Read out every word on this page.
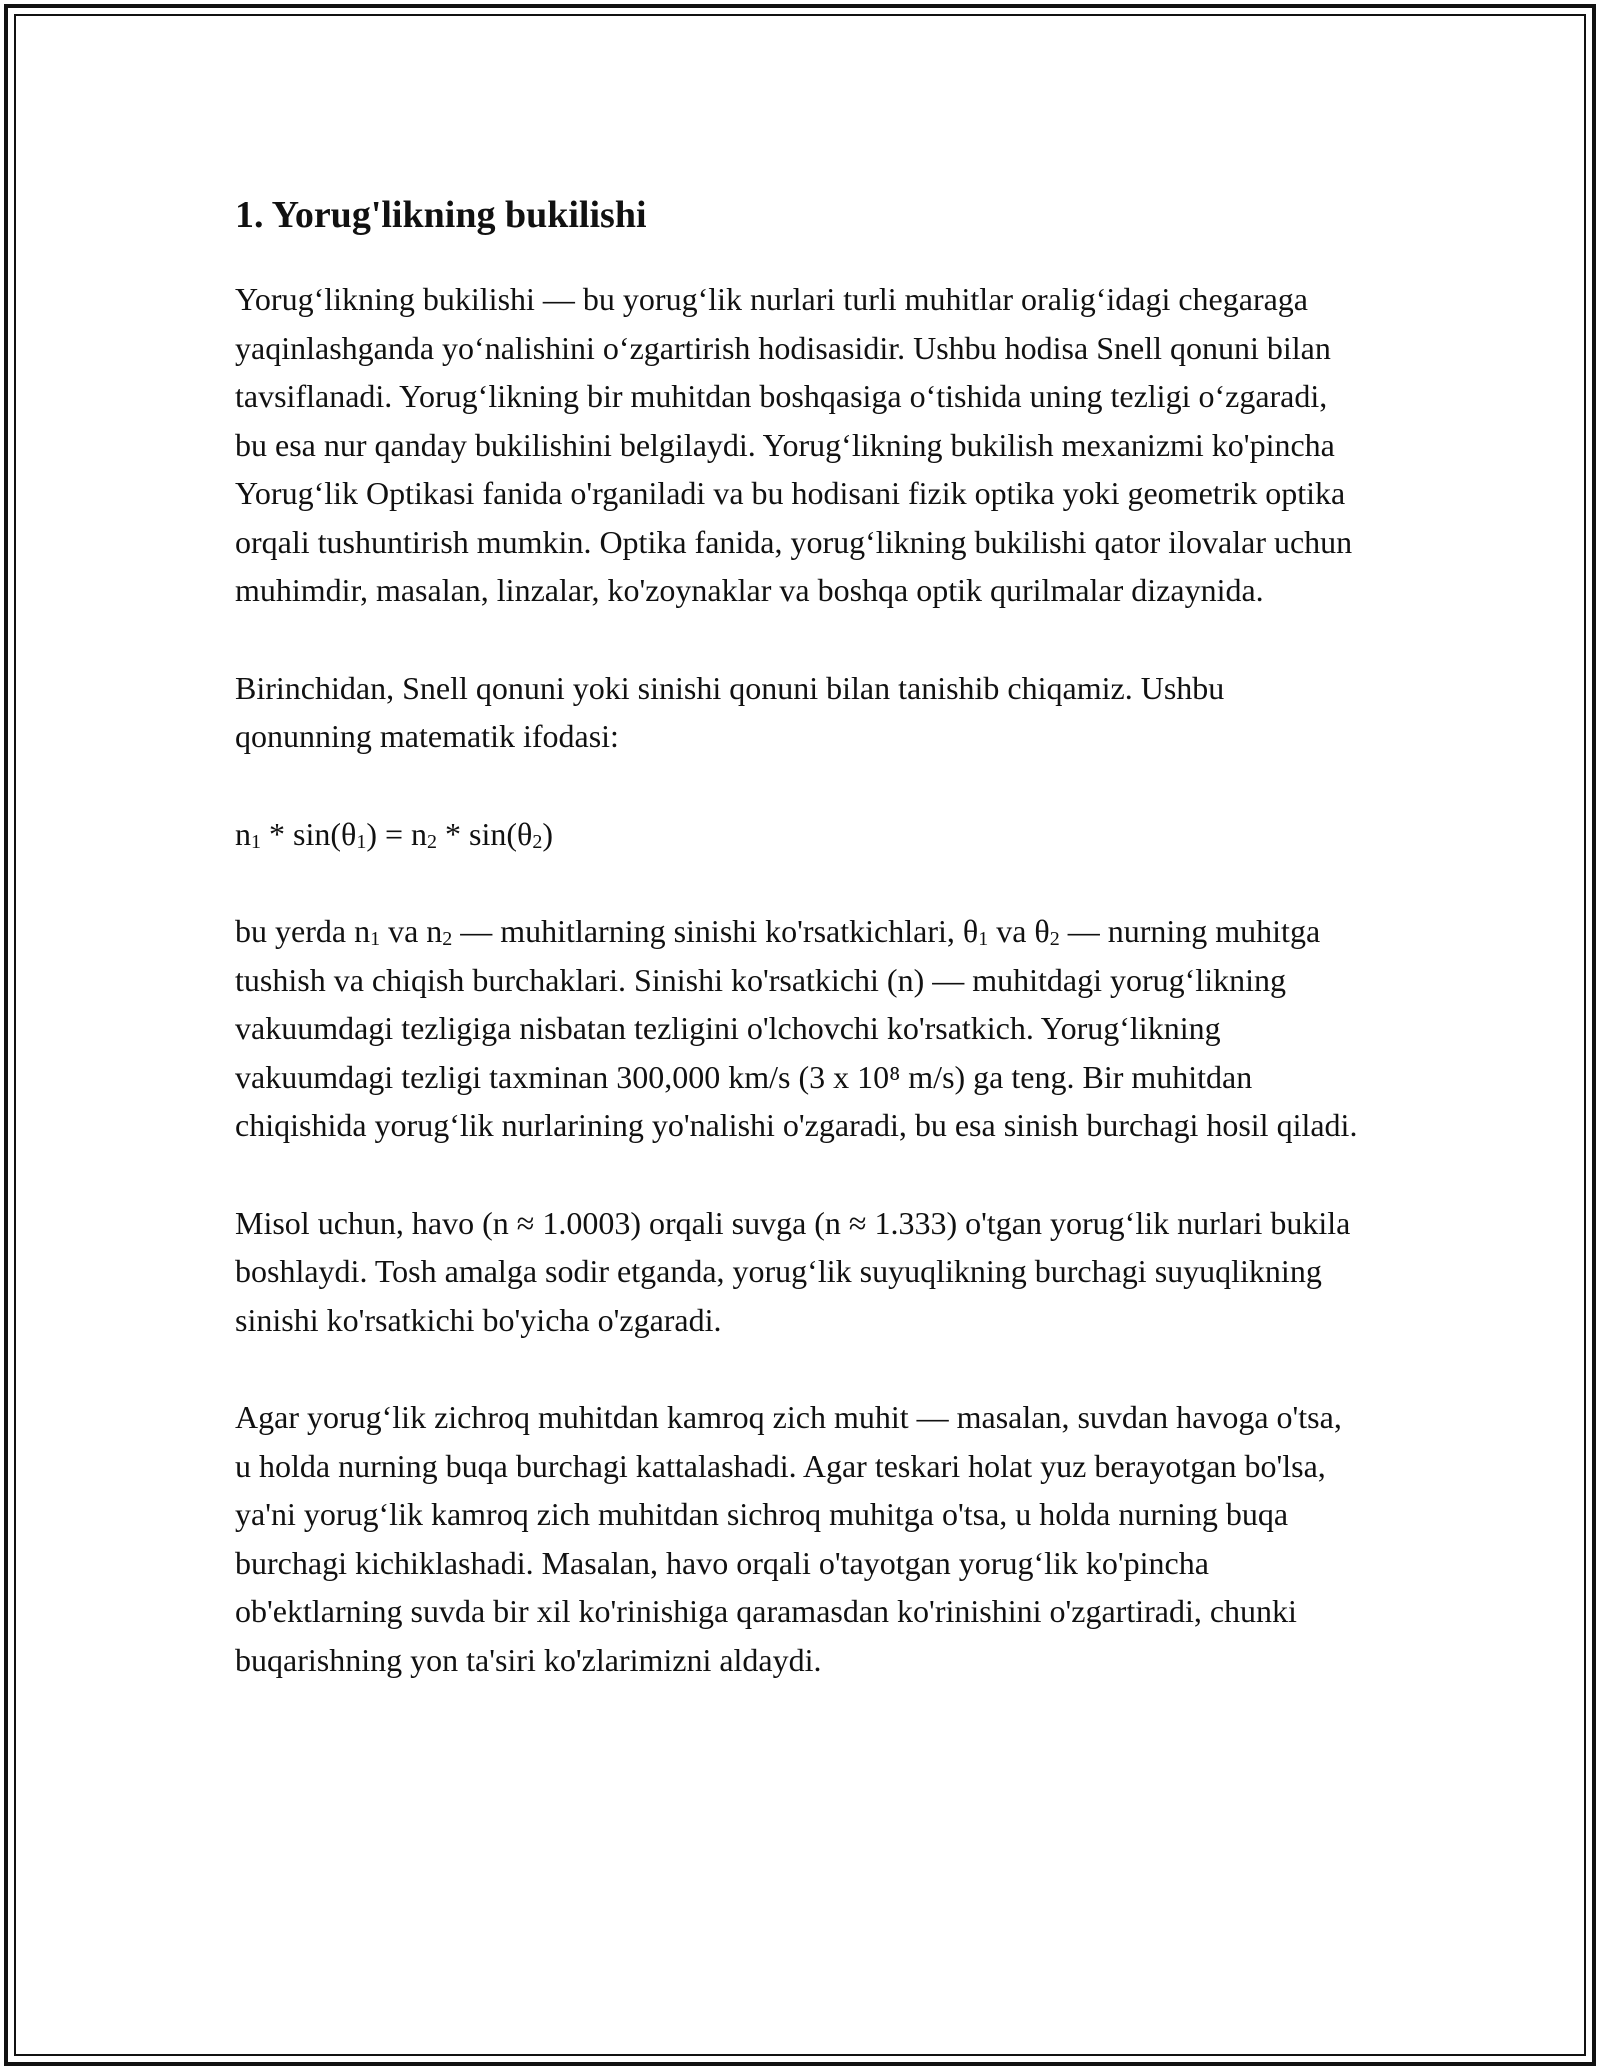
1. Yorug'likning bukilishi

Yorug‘likning bukilishi — bu yorug‘lik nurlari turli muhitlar oralig‘idagi chegaraga yaqinlashganda yo‘nalishini o‘zgartirish hodisasidir. Ushbu hodisa Snell qonuni bilan tavsiflanadi. Yorug‘likning bir muhitdan boshqasiga o‘tishida uning tezligi o‘zgaradi, bu esa nur qanday bukilishini belgilaydi. Yorug‘likning bukilish mexanizmi ko'pincha Yorug‘lik Optikasi fanida o'rganiladi va bu hodisani fizik optika yoki geometrik optika orqali tushuntirish mumkin. Optika fanida, yorug‘likning bukilishi qator ilovalar uchun muhimdir, masalan, linzalar, ko'zoynaklar va boshqa optik qurilmalar dizaynida.

Birinchidan, Snell qonuni yoki sinishi qonuni bilan tanishib chiqamiz. Ushbu qonunning matematik ifodasi:

$n_1 * \sin(\theta_1) = n_2 * \sin(\theta_2)$

bu yerda $n_1$ va $n_2$ — muhitlarning sinishi ko'rsatkichlari, $\theta_1$ va $\theta_2$ — nurning muhitga tushish va chiqish burchaklari. Sinishi ko'rsatkichi (n) — muhitdagi yorug‘likning vakuumdagi tezligiga nisbatan tezligini o'lchovchi ko'rsatkich. Yorug‘likning vakuumdagi tezligi taxminan 300,000 km/s (3 x 10⁸ m/s) ga teng. Bir muhitdan chiqishida yorug‘lik nurlarining yo'nalishi o'zgaradi, bu esa sinish burchagi hosil qiladi.

Misol uchun, havo (n ≈ 1.0003) orqali suvga (n ≈ 1.333) o'tgan yorug‘lik nurlari bukila boshlaydi. Tosh amalga sodir etganda, yorug‘lik suyuqlikning burchagi suyuqlikning sinishi ko'rsatkichi bo'yicha o'zgaradi.

Agar yorug‘lik zichroq muhitdan kamroq zich muhit — masalan, suvdan havoga o'tsa, u holda nurning buqa burchagi kattalashadi. Agar teskari holat yuz berayotgan bo'lsa, ya'ni yorug‘lik kamroq zich muhitdan sichroq muhitga o'tsa, u holda nurning buqa burchagi kichiklashadi. Masalan, havo orqali o'tayotgan yorug‘lik ko'pincha ob'ektlarning suvda bir xil ko'rinishiga qaramasdan ko'rinishini o'zgartiradi, chunki buqarishning yon ta'siri ko'zlarimizni aldaydi.
